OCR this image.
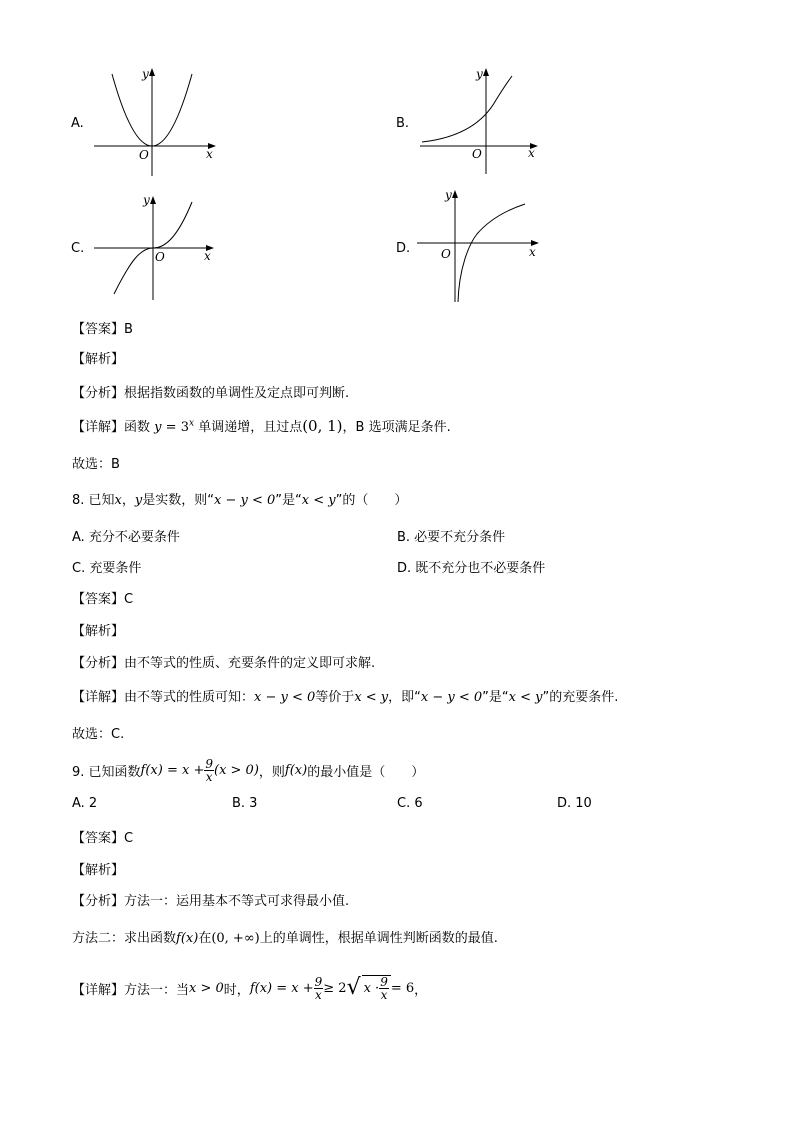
A.
y
x
O
B.
y
x
O
C.
y
x
O
D.
y
x
O
【答案】B
【解析】
【分析】根据指数函数的单调性及定点即可判断.
【详解】函数 $y = 3^x$ 单调递增，且过点(0, 1)，B 选项满足条件.
故选：B
8. 已知x，y是实数，则“x − y < 0”是“x < y”的（　　）
A. 充分不必要条件	B. 必要不充分条件
C. 充要条件	D. 既不充分也不必要条件
【答案】C
【解析】
【分析】由不等式的性质、充要条件的定义即可求解.
【详解】由不等式的性质可知：x − y < 0等价于x < y，即“x − y < 0”是“x < y”的充要条件.
故选：C.
9. 已知函数 $f(x) = x + \frac{9}{x} (x > 0)$ ，则 f(x) 的最小值是（　　）
A. 2	B. 3	C. 6	D. 10
【答案】C
【解析】
【分析】方法一：运用基本不等式可求得最小值.
方法二：求出函数f(x)在(0, +∞)上的单调性，根据单调性判断函数的最值.
【详解】 方法一：当 x > 0 时， $f(x) = x + \frac{9}{x} \ge 2$ √ $x \cdot \frac{9}{x} = 6$ ，
